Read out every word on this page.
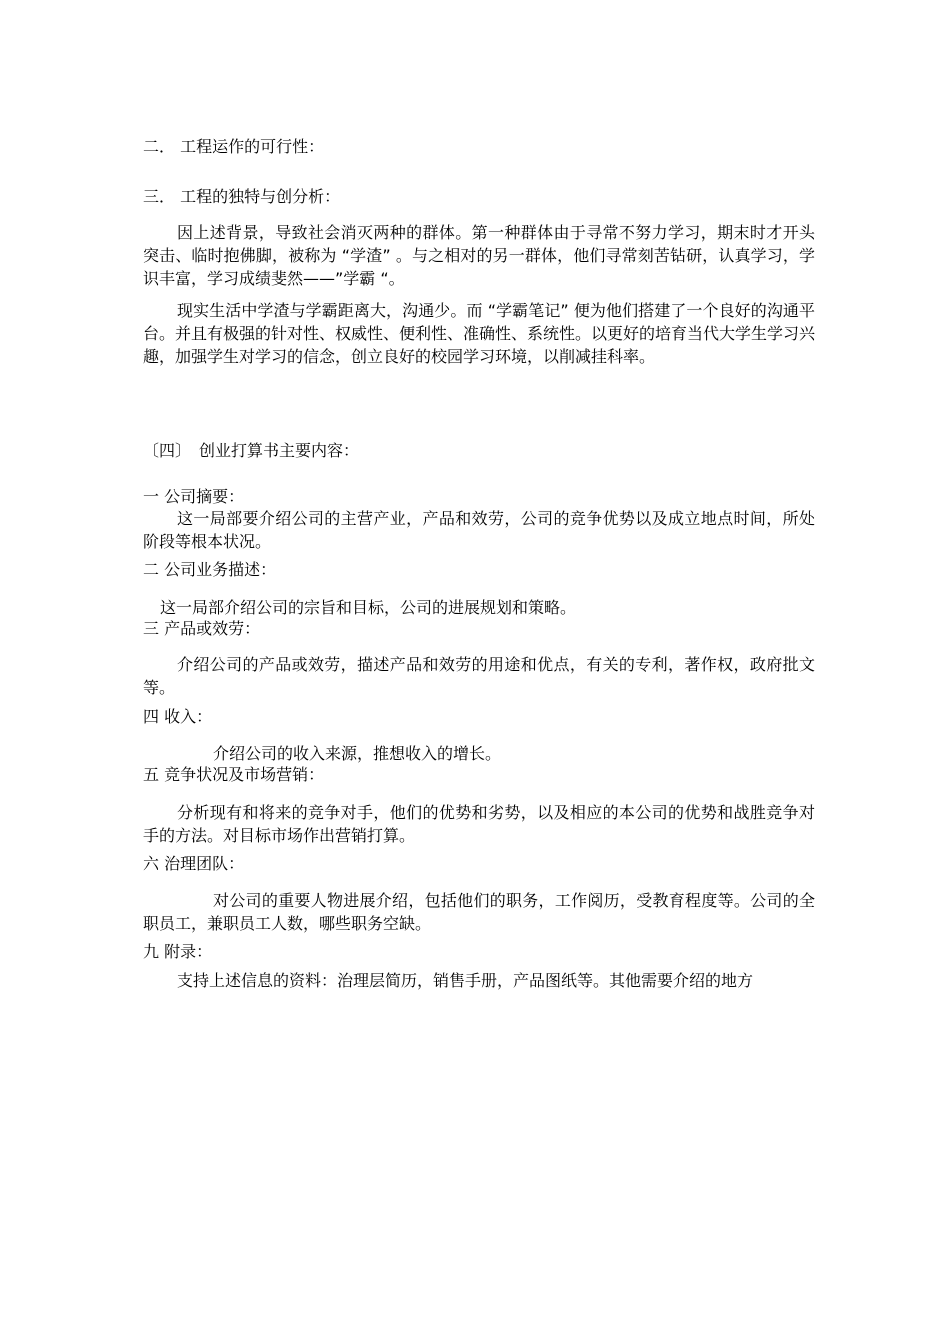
二． 工程运作的可行性：

三． 工程的独特与创分析：

因上述背景，导致社会消灭两种的群体。第一种群体由于寻常不努力学习，期末时才开头突击、临时抱佛脚，被称为 “学渣” 。与之相对的另一群体，他们寻常刻苦钻研，认真学习，学识丰富，学习成绩斐然——”学霸 “。

现实生活中学渣与学霸距离大，沟通少。而 “学霸笔记” 便为他们搭建了一个良好的沟通平台。并且有极强的针对性、权威性、便利性、准确性、系统性。以更好的培育当代大学生学习兴趣，加强学生对学习的信念，创立良好的校园学习环境，以削减挂科率。

〔四〕　创业打算书主要内容：

一 公司摘要：

这一局部要介绍公司的主营产业，产品和效劳，公司的竞争优势以及成立地点时间，所处阶段等根本状况。

二 公司业务描述：

这一局部介绍公司的宗旨和目标，公司的进展规划和策略。

三 产品或效劳：

介绍公司的产品或效劳，描述产品和效劳的用途和优点，有关的专利，著作权，政府批文等。

四 收入：

介绍公司的收入来源，推想收入的增长。

五 竞争状况及市场营销：

分析现有和将来的竞争对手，他们的优势和劣势，以及相应的本公司的优势和战胜竞争对手的方法。对目标市场作出营销打算。

六 治理团队：

对公司的重要人物进展介绍，包括他们的职务，工作阅历，受教育程度等。公司的全职员工，兼职员工人数，哪些职务空缺。

九 附录：

支持上述信息的资料：治理层简历，销售手册，产品图纸等。其他需要介绍的地方
